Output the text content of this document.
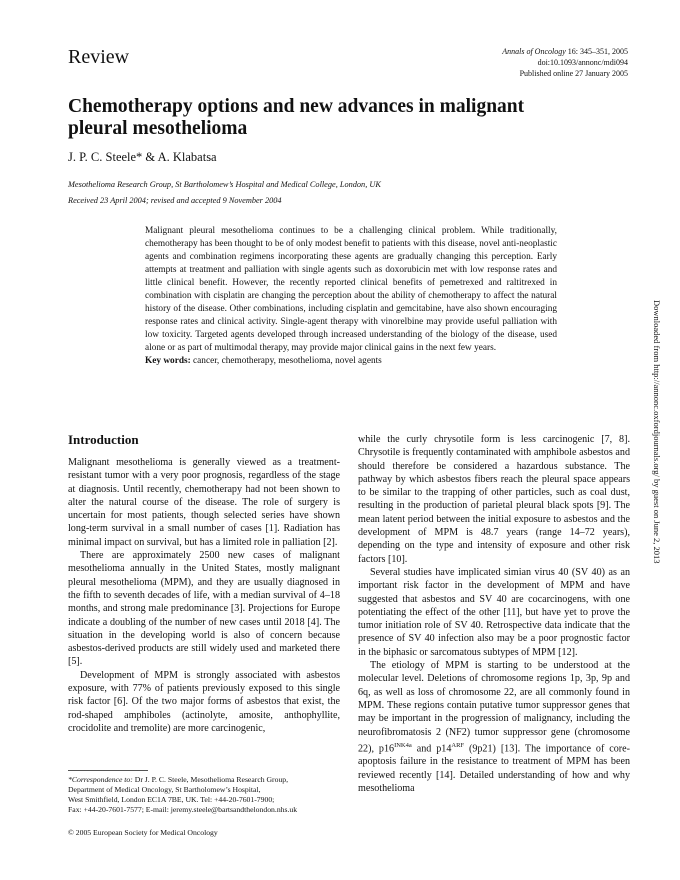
Review	Annals of Oncology 16: 345–351, 2005
doi:10.1093/annonc/mdi094
Published online 27 January 2005
Chemotherapy options and new advances in malignant pleural mesothelioma
J. P. C. Steele* & A. Klabatsa
Mesothelioma Research Group, St Bartholomew’s Hospital and Medical College, London, UK
Received 23 April 2004; revised and accepted 9 November 2004

Malignant pleural mesothelioma continues to be a challenging clinical problem. While traditionally, chemotherapy has been thought to be of only modest benefit to patients with this disease, novel anti-neoplastic agents and combination regimens incorporating these agents are gradually changing this perception. Early attempts at treatment and palliation with single agents such as doxorubicin met with low response rates and little clinical benefit. However, the recently reported clinical benefits of pemetrexed and raltitrexed in combination with cisplatin are changing the perception about the ability of chemotherapy to affect the natural history of the disease. Other combinations, including cisplatin and gemcitabine, have also shown encouraging response rates and clinical activity. Single-agent therapy with vinorelbine may provide useful palliation with low toxicity. Targeted agents developed through increased understanding of the biology of the disease, used alone or as part of multimodal therapy, may provide major clinical gains in the next few years.

Key words: cancer, chemotherapy, mesothelioma, novel agents	Downloaded from http://annonc.oxfordjournals.org/ by guest on June 2, 2013
Introduction

Malignant mesothelioma is generally viewed as a treatment-resistant tumor with a very poor prognosis, regardless of the stage at diagnosis. Until recently, chemotherapy had not been shown to alter the natural course of the disease. The role of surgery is uncertain for most patients, though selected series have shown long-term survival in a small number of cases [1]. Radiation has minimal impact on survival, but has a limited role in palliation [2].

There are approximately 2500 new cases of malignant mesothelioma annually in the United States, mostly malignant pleural mesothelioma (MPM), and they are usually diagnosed in the fifth to seventh decades of life, with a median survival of 4–18 months, and strong male predominance [3]. Projections for Europe indicate a doubling of the number of new cases until 2018 [4]. The situation in the developing world is also of concern because asbestos-derived products are still widely used and marketed there [5].

Development of MPM is strongly associated with asbestos exposure, with 77% of patients previously exposed to this single risk factor [6]. Of the two major forms of asbestos that exist, the rod-shaped amphiboles (actinolyte, amosite, anthophyllite, crocidolite and tremolite) are more carcinogenic,

while the curly chrysotile form is less carcinogenic [7, 8]. Chrysotile is frequently contaminated with amphibole asbestos and should therefore be considered a hazardous substance. The pathway by which asbestos fibers reach the pleural space appears to be similar to the trapping of other particles, such as coal dust, resulting in the production of parietal pleural black spots [9]. The mean latent period between the initial exposure to asbestos and the development of MPM is 48.7 years (range 14–72 years), depending on the type and intensity of exposure and other risk factors [10].

Several studies have implicated simian virus 40 (SV 40) as an important risk factor in the development of MPM and have suggested that asbestos and SV 40 are cocarcinogens, with one potentiating the effect of the other [11], but have yet to prove the tumor initiation role of SV 40. Retrospective data indicate that the presence of SV 40 infection also may be a poor prognostic factor in the biphasic or sarcomatous subtypes of MPM [12].

The etiology of MPM is starting to be understood at the molecular level. Deletions of chromosome regions 1p, 3p, 9p and 6q, as well as loss of chromosome 22, are all commonly found in MPM. These regions contain putative tumor suppressor genes that may be important in the progression of malignancy, including the neurofibromatosis 2 (NF2) tumor suppressor gene (chromosome 22), $p16^{INK4a}$ and $p14^{ARF}$ (9p21) [13]. The importance of core-apoptosis failure in the resistance to treatment of MPM has been reviewed recently [14]. Detailed understanding of how and why mesothelioma

*Correspondence to: Dr J. P. C. Steele, Mesothelioma Research Group,
Department of Medical Oncology, St Bartholomew’s Hospital,
West Smithfield, London EC1A 7BE, UK. Tel: +44-20-7601-7900;
Fax: +44-20-7601-7577; E-mail: jeremy.steele@bartsandthelondon.nhs.uk
© 2005 European Society for Medical Oncology
